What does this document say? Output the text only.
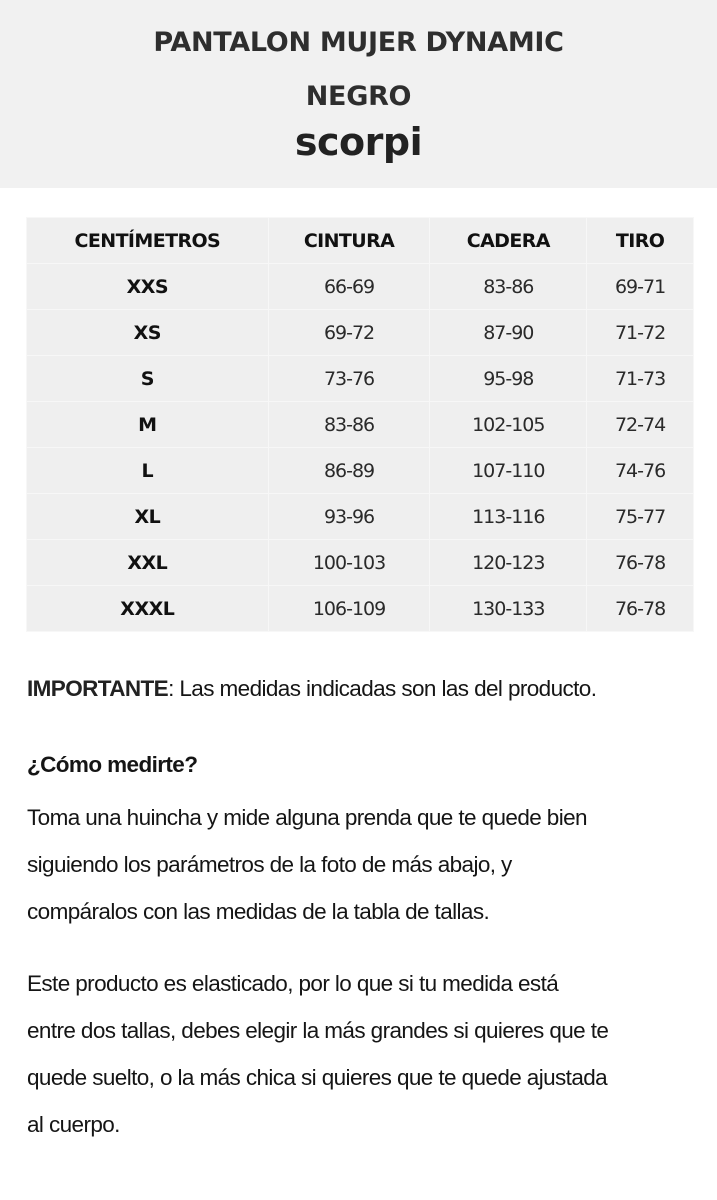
PANTALON MUJER DYNAMIC
NEGRO
scorpi
CENTÍMETROS	CINTURA	CADERA	TIRO
XXS	66-69	83-86	69-71
XS	69-72	87-90	71-72
S	73-76	95-98	71-73
M	83-86	102-105	72-74
L	86-89	107-110	74-76
XL	93-96	113-116	75-77
XXL	100-103	120-123	76-78
XXXL	106-109	130-133	76-78
IMPORTANTE: Las medidas indicadas son las del producto.
¿Cómo medirte?
Toma una huincha y mide alguna prenda que te quede bien
siguiendo los parámetros de la foto de más abajo, y
compáralos con las medidas de la tabla de tallas.
Este producto es elasticado, por lo que si tu medida está
entre dos tallas, debes elegir la más grandes si quieres que te
quede suelto, o la más chica si quieres que te quede ajustada
al cuerpo.
